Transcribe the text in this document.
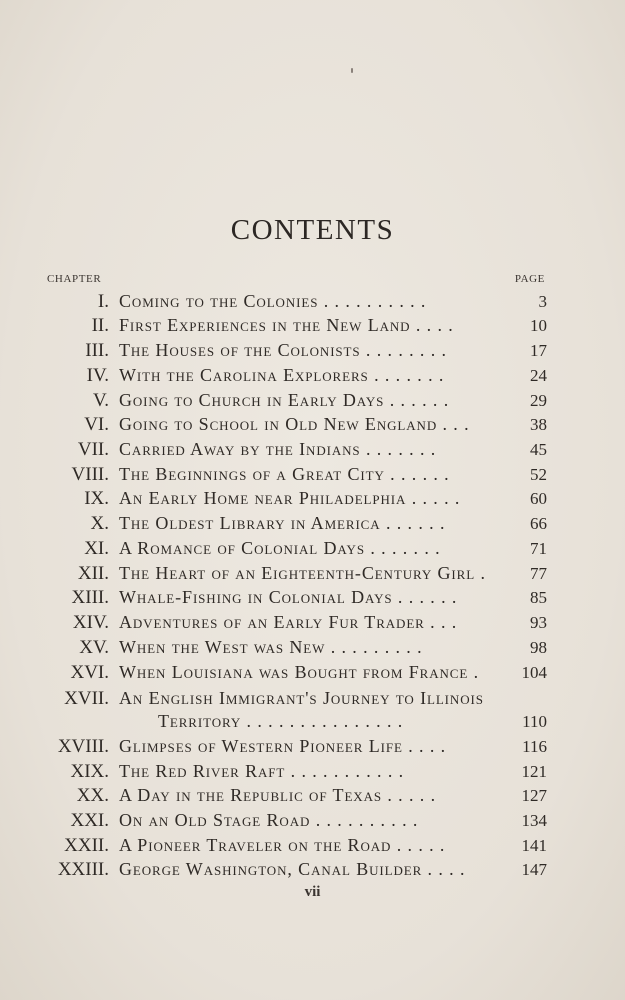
CONTENTS
CHAPTER	PAGE
I. Coming to the Colonies . . . . . . . . . .	3
II. First Experiences in the New Land . . . .	10
III. The Houses of the Colonists . . . . . . . .	17
IV. With the Carolina Explorers . . . . . . .	24
V. Going to Church in Early Days . . . . . .	29
VI. Going to School in Old New England . . .	38
VII. Carried Away by the Indians . . . . . . .	45
VIII. The Beginnings of a Great City . . . . . .	52
IX. An Early Home near Philadelphia . . . . .	60
X. The Oldest Library in America . . . . . .	66
XI. A Romance of Colonial Days . . . . . . .	71
XII. The Heart of an Eighteenth-Century Girl .	77
XIII. Whale-Fishing in Colonial Days . . . . . .	85
XIV. Adventures of an Early Fur Trader . . .	93
XV. When the West was New . . . . . . . . .	98
XVI. When Louisiana was Bought from France .	104
XVII. An English Immigrant's Journey to Illinois
Territory . . . . . . . . . . . . . . .	110
XVIII. Glimpses of Western Pioneer Life . . . .	116
XIX. The Red River Raft . . . . . . . . . . .	121
XX. A Day in the Republic of Texas . . . . .	127
XXI. On an Old Stage Road . . . . . . . . . .	134
XXII. A Pioneer Traveler on the Road . . . . .	141
XXIII. George Washington, Canal Builder . . . .	147
vii
